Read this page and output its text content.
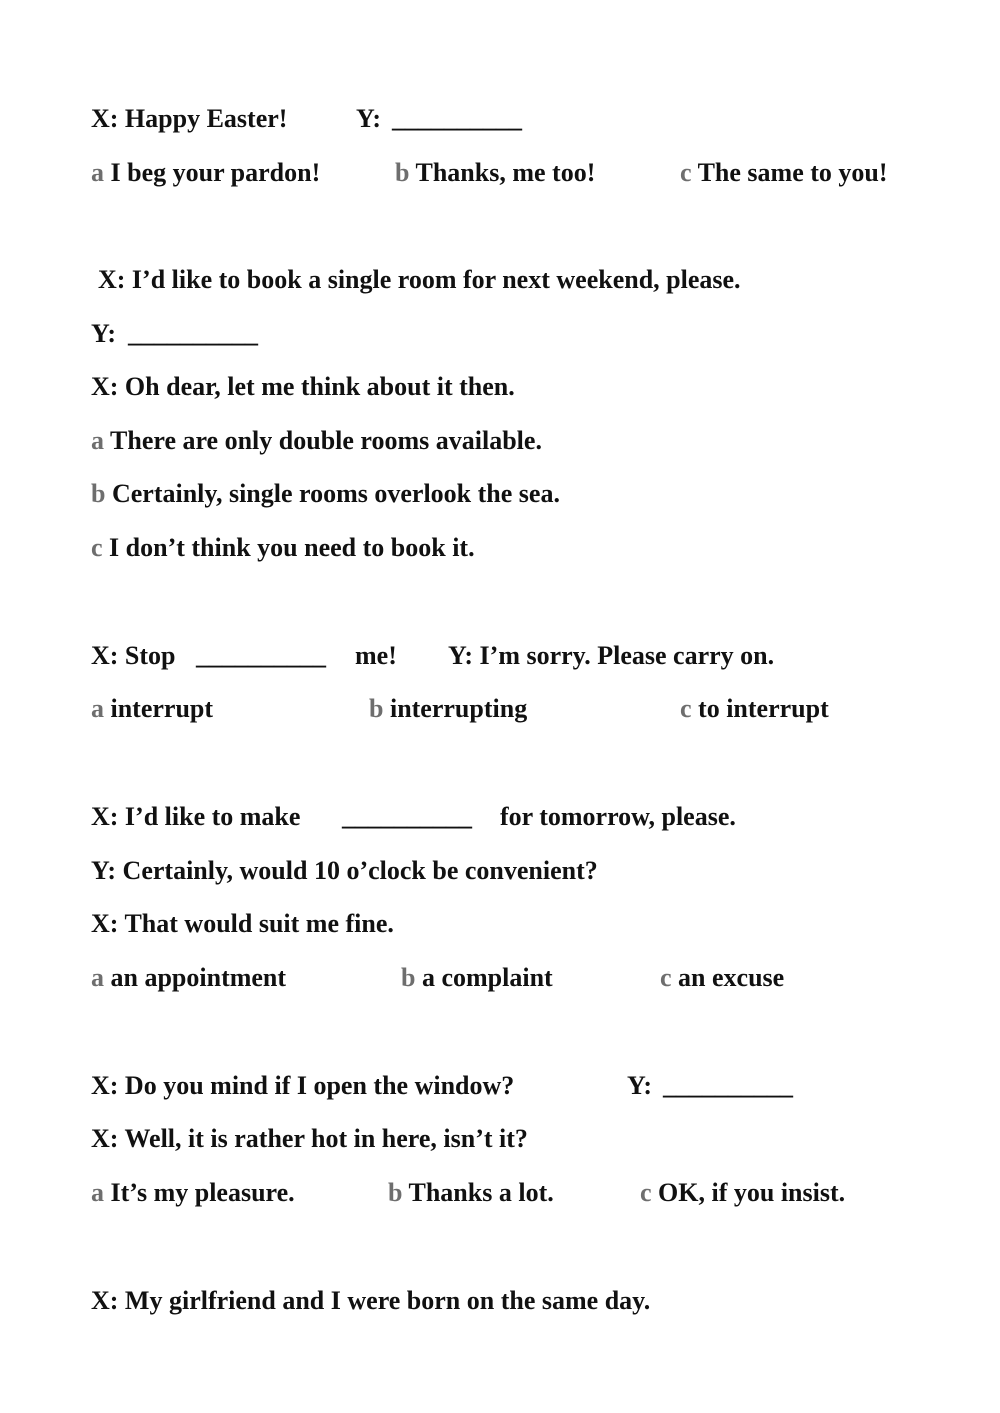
X: Happy Easter!	Y: __________
a I beg your pardon!	b Thanks, me too!	c The same to you!
X: I’d like to book a single room for next weekend, please.
Y: __________
X: Oh dear, let me think about it then.
a There are only double rooms available.
b Certainly, single rooms overlook the sea.
c I don’t think you need to book it.
X: Stop __________ me! Y: I’m sorry. Please carry on.
a interrupt	b interrupting	c to interrupt
X: I’d like to make __________ for tomorrow, please.
Y: Certainly, would 10 o’clock be convenient?
X: That would suit me fine.
a an appointment	b a complaint	c an excuse
X: Do you mind if I open the window?	Y: __________
X: Well, it is rather hot in here, isn’t it?
a It’s my pleasure.	b Thanks a lot.	c OK, if you insist.
X: My girlfriend and I were born on the same day.
